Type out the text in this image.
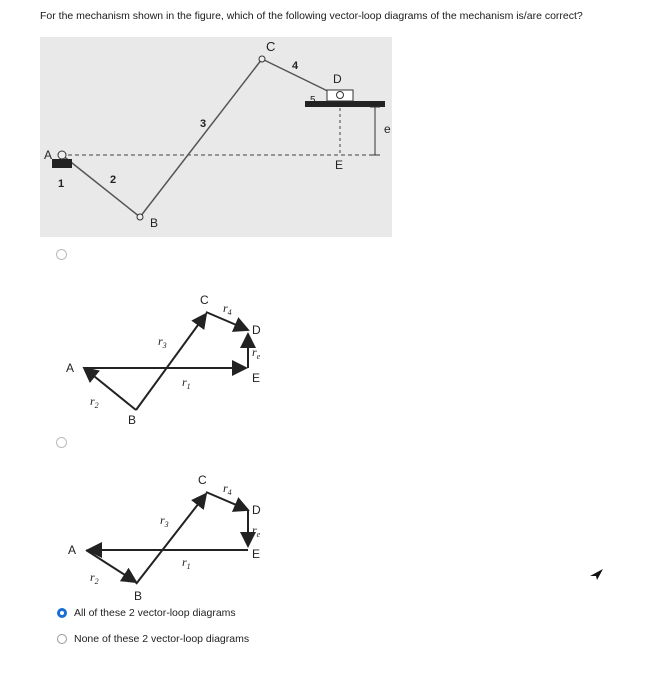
For the mechanism shown in the figure, which of the following vector-loop diagrams of the mechanism is/are correct?
A
1	2
B
3
C
4
D
5
e
E
A
B
C
D
E
$r_2$
$r_3$
$r_4$
$r_e$
$r_1$
A
B
C
D
E
$r_2$
$r_3$
$r_4$
$r_e$
$r_1$
All of these 2 vector-loop diagrams
None of these 2 vector-loop diagrams
